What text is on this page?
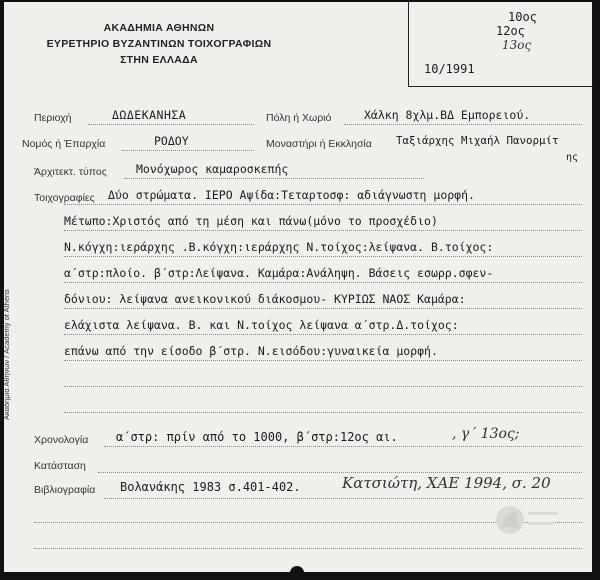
ΑΚΑΔΗΜΙΑ ΑΘΗΝΩΝ
ΕΥΡΕΤΗΡΙΟ ΒΥΖΑΝΤΙΝΩΝ ΤΟΙΧΟΓΡΑΦΙΩΝ
ΣΤΗΝ ΕΛΛΑΔΑ
10ος
12ος
13ος
10/1991
Περιοχή	ΔΩΔΕΚΑΝΗΣΑ	Πόλη ή Χωριό	Χάλκη 8χλμ.ΒΔ Εμπορειού.
Νομός ή Έπαρχία	ΡΟΔΟΥ	Μοναστήρι ή Εκκλησία Ταξιάρχης Μιχαήλ Πανορμίτ
ης
Άρχιτεκτ. τύπος	Μονόχωρος καμαροσκεπής
Τοιχογραφίες Δύο στρώματα. ΙΕΡΟ Αψίδα:Τεταρτοσφ: αδιάγνωστη μορφή.
Μέτωπο:Χριστός από τη μέση και πάνω(μόνο το προσχέδιο)
Ν.κόγχη:ιεράρχης .Β.κόγχη:ιεράρχης Ν.τοίχος:λείψανα. Β.τοίχος:
α΄στρ:πλοίο. β΄στρ:Λείψανα. Καμάρα:Ανάληψη. Βάσεις εσωρρ.σφεν-
δόνιου: λείψανα ανεικονικού διάκοσμου- ΚΥΡΙΩΣ ΝΑΟΣ Καμάρα:
ελάχιστα λείψανα. Β. και Ν.τοίχος λείψανα α΄στρ.Δ.τοίχος:
επάνω από την είσοδο β΄στρ. Ν.εισόδου:γυναικεία μορφή.
Χρονολογία α΄στρ: πρίν από το 1000, β΄στρ:12ος αι.	, γ΄ 13ος;
Κατάσταση
Βιβλιογραφία Βολανάκης 1983 σ.401-402.	Κατσιώτη, ΧΑΕ 1994, σ. 20
Ακαδημία Αθηνών / Academy of Athens
